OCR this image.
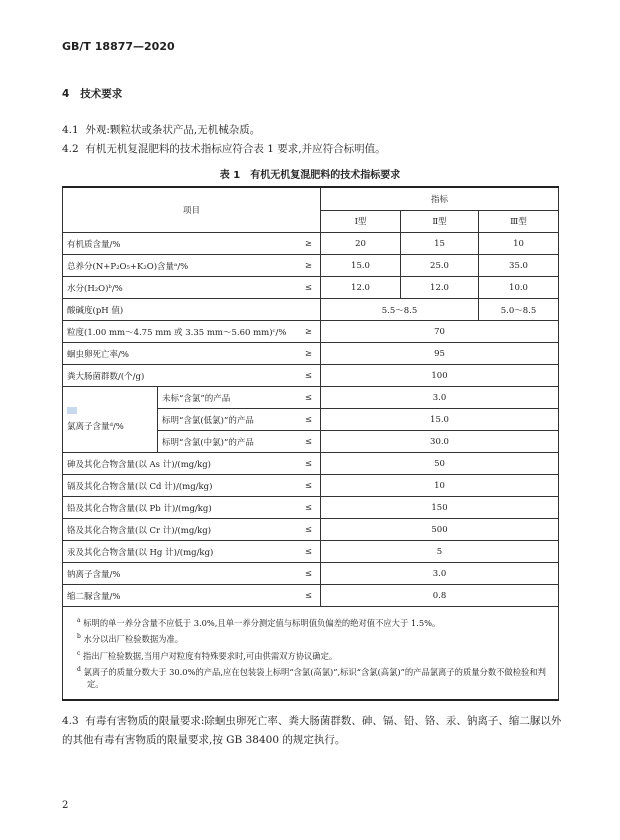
GB/T 18877—2020
4 技术要求
4.1 外观:颗粒状或条状产品,无机械杂质。
4.2 有机无机复混肥料的技术指标应符合表 1 要求,并应符合标明值。
表 1　有机无机复混肥料的技术指标要求
项目			指标		
			Ⅰ型	Ⅱ型	Ⅲ型
有机质含量/%		≥	20	15	10
总养分(N+P₂O₅+K₂O)含量ᵃ/%		≥	15.0	25.0	35.0
水分(H₂O)ᵇ/%		≤	12.0	12.0	10.0
酸碱度(pH 值)			5.5～8.5		5.0～8.5
粒度(1.00 mm～4.75 mm 或 3.35 mm～5.60 mm)ᶜ/%		≥	70		
蛔虫卵死亡率/%		≥	95		
粪大肠菌群数/(个/g)		≤	100		

氯离子含量ᵈ/%	未标“含氯”的产品	≤	3.0		
	标明“含氯(低氯)”的产品	≤	15.0		
	标明“含氯(中氯)”的产品	≤	30.0		
砷及其化合物含量(以 As 计)/(mg/kg)		≤	50		
镉及其化合物含量(以 Cd 计)/(mg/kg)		≤	10		
铅及其化合物含量(以 Pb 计)/(mg/kg)		≤	150		
铬及其化合物含量(以 Cr 计)/(mg/kg)		≤	500		
汞及其化合物含量(以 Hg 计)/(mg/kg)		≤	5		
钠离子含量/%		≤	3.0		
缩二脲含量/%		≤	0.8		

$^a$ 标明的单一养分含量不应低于 3.0%,且单一养分测定值与标明值负偏差的绝对值不应大于 1.5%。
$^b$ 水分以出厂检验数据为准。
$^c$ 指出厂检验数据,当用户对粒度有特殊要求时,可由供需双方协议确定。
$^d$ 氯离子的质量分数大于 30.0%的产品,应在包装袋上标明“含氯(高氯)”,标识“含氯(高氯)”的产品氯离子的质量分数不做检验和判定。					
4.3 有毒有害物质的限量要求:除蛔虫卵死亡率、粪大肠菌群数、砷、镉、铅、铬、汞、钠离子、缩二脲以外的其他有毒有害物质的限量要求,按 GB 38400 的规定执行。
2
